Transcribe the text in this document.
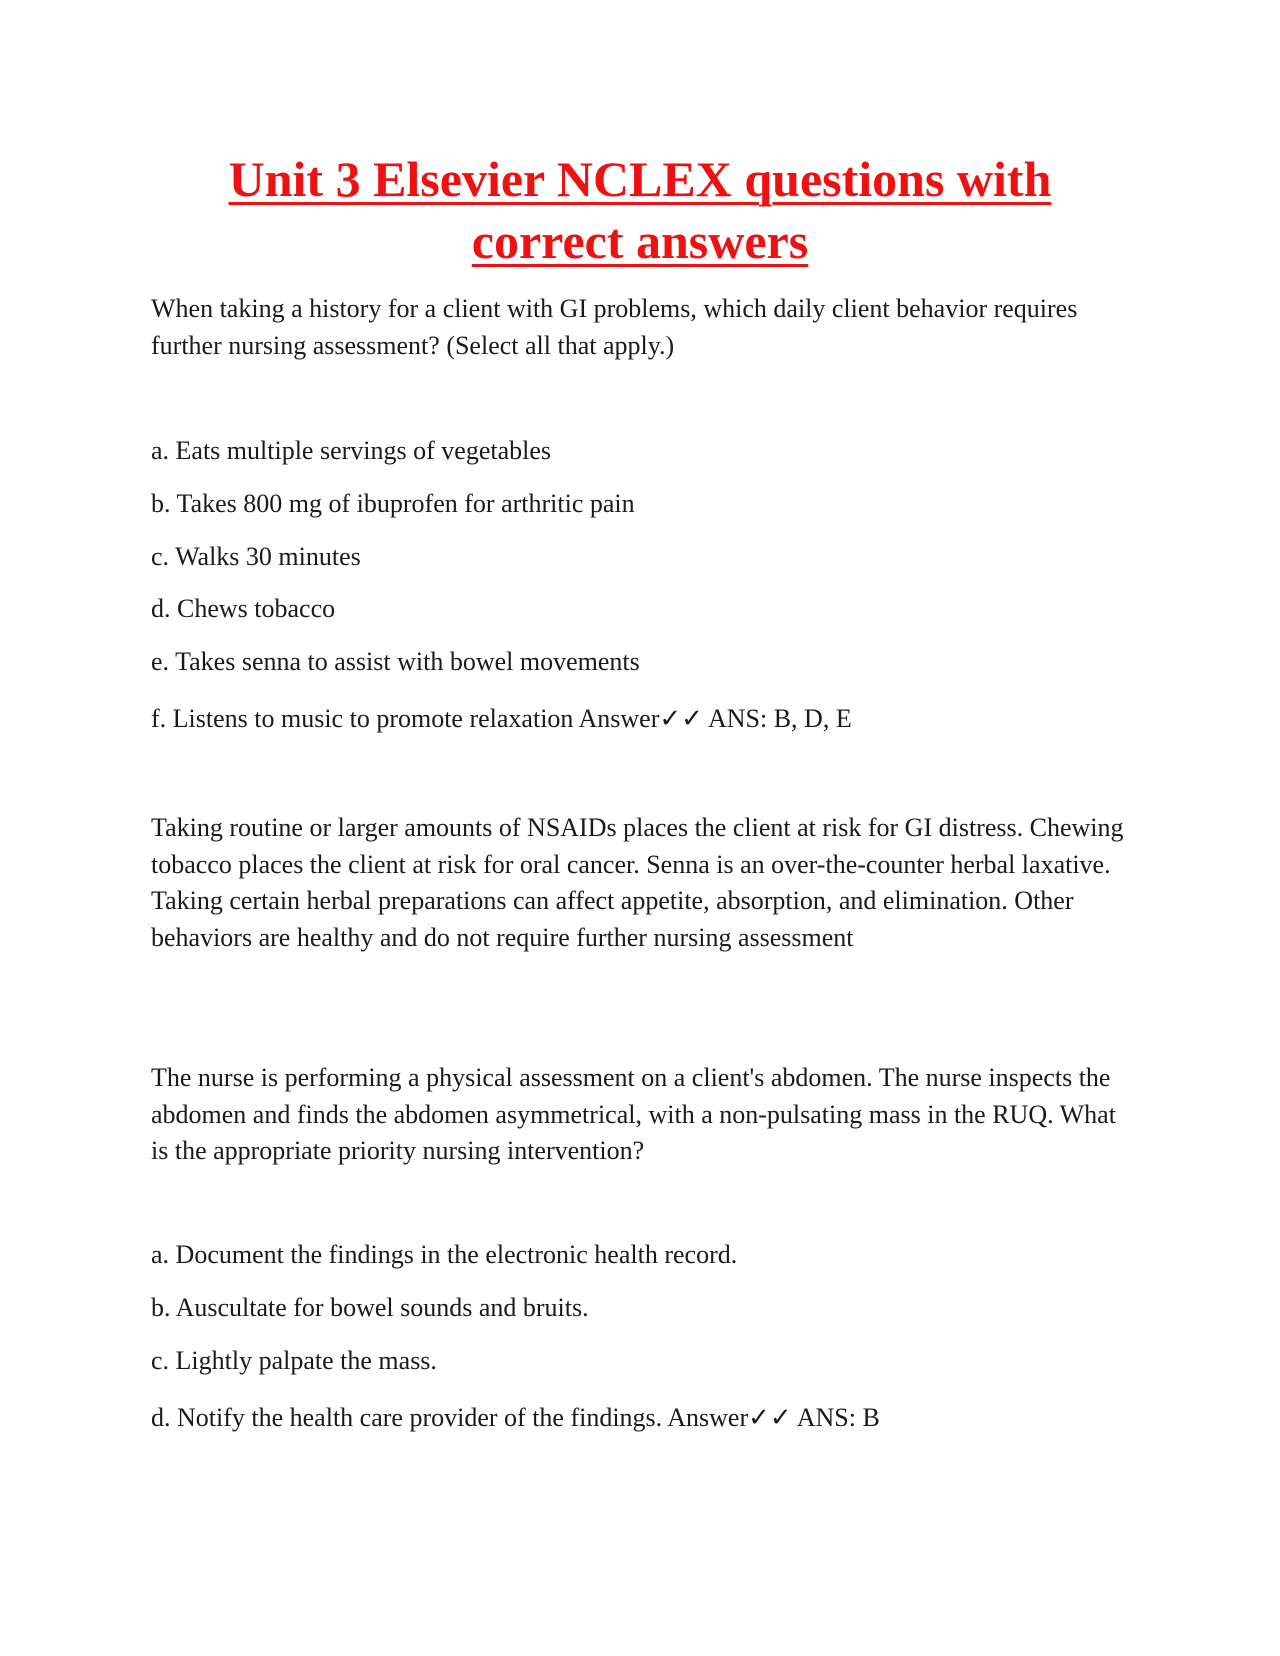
Unit 3 Elsevier NCLEX questions with correct answers

When taking a history for a client with GI problems, which daily client behavior requires further nursing assessment? (Select all that apply.)

a. Eats multiple servings of vegetables

b. Takes 800 mg of ibuprofen for arthritic pain

c. Walks 30 minutes

d. Chews tobacco

e. Takes senna to assist with bowel movements

f. Listens to music to promote relaxation Answer✓✓ ANS: B, D, E

Taking routine or larger amounts of NSAIDs places the client at risk for GI distress. Chewing tobacco places the client at risk for oral cancer. Senna is an over-the-counter herbal laxative. Taking certain herbal preparations can affect appetite, absorption, and elimination. Other behaviors are healthy and do not require further nursing assessment

The nurse is performing a physical assessment on a client's abdomen. The nurse inspects the abdomen and finds the abdomen asymmetrical, with a non-pulsating mass in the RUQ. What is the appropriate priority nursing intervention?

a. Document the findings in the electronic health record.

b. Auscultate for bowel sounds and bruits.

c. Lightly palpate the mass.

d. Notify the health care provider of the findings. Answer✓✓ ANS: B
